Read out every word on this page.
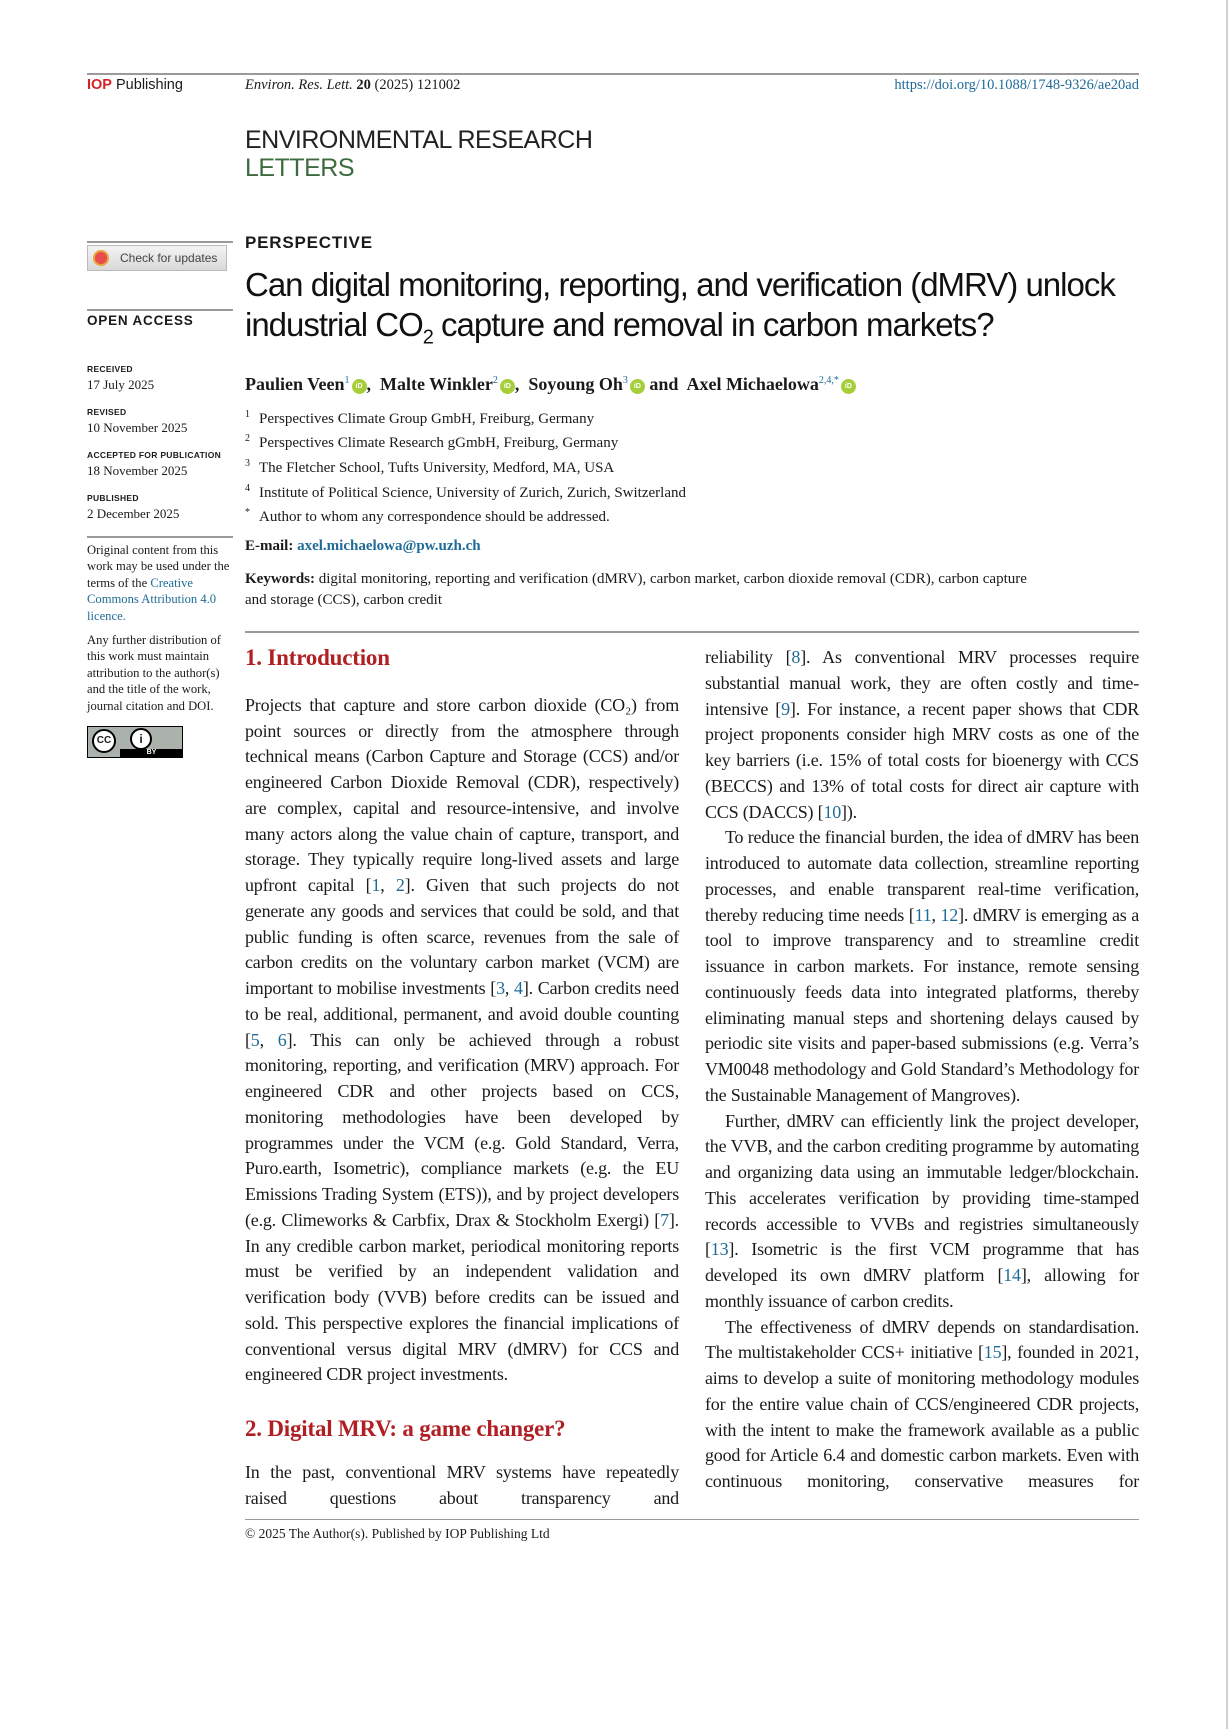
IOP Publishing	Environ. Res. Lett. 20 (2025) 121002	https://doi.org/10.1088/1748-9326/ae20ad
ENVIRONMENTAL RESEARCH
LETTERS
Check for updates
OPEN ACCESS
RECEIVED
17 July 2025
REVISED
10 November 2025
ACCEPTED FOR PUBLICATION
18 November 2025
PUBLISHED
2 December 2025
Original content from this work may be used under the terms of the Creative Commons Attribution 4.0 licence.
Any further distribution of this work must maintain attribution to the author(s) and the title of the work, journal citation and DOI.
CC	i
BY
PERSPECTIVE
Can digital monitoring, reporting, and verification (dMRV) unlock
industrial $CO_2$ capture and removal in carbon markets?
Paulien Veen$^1$iD ,  Malte Winkler$^2$iD ,  Soyoung Oh$^3$iD and  Axel Michaelowa$^{2,4,*}$iD
$^1$ Perspectives Climate Group GmbH, Freiburg, Germany
$^2$ Perspectives Climate Research gGmbH, Freiburg, Germany
$^3$ The Fletcher School, Tufts University, Medford, MA, USA
$^4$ Institute of Political Science, University of Zurich, Zurich, Switzerland
* Author to whom any correspondence should be addressed.
E-mail: axel.michaelowa@pw.uzh.ch
Keywords: digital monitoring, reporting and verification (dMRV), carbon market, carbon dioxide removal (CDR), carbon capture and storage (CCS), carbon credit
1. Introduction

Projects that capture and store carbon dioxide (CO₂) from point sources or directly from the atmosphere through technical means (Carbon Capture and Storage (CCS) and/or engineered Carbon Dioxide Removal (CDR), respectively) are complex, capital and resource-intensive, and involve many actors along the value chain of capture, transport, and storage. They typically require long-lived assets and large upfront capital [1, 2]. Given that such projects do not generate any goods and services that could be sold, and that public funding is often scarce, revenues from the sale of carbon credits on the voluntary carbon market (VCM) are important to mobilise investments [3, 4]. Carbon credits need to be real, additional, permanent, and avoid double counting [5, 6]. This can only be achieved through a robust monitoring, reporting, and verification (MRV) approach. For engineered CDR and other projects based on CCS, monitoring methodologies have been developed by programmes under the VCM (e.g. Gold Standard, Verra, Puro.earth, Isometric), compliance markets (e.g. the EU Emissions Trading System (ETS)), and by project developers (e.g. Climeworks & Carbfix, Drax & Stockholm Exergi) [7]. In any credible carbon market, periodical monitoring reports must be verified by an independent validation and verification body (VVB) before credits can be issued and sold. This perspective explores the financial implications of conventional versus digital MRV (dMRV) for CCS and engineered CDR project investments.

2. Digital MRV: a game changer?

In the past, conventional MRV systems have repeatedly raised questions about transparency and

reliability [8]. As conventional MRV processes require substantial manual work, they are often costly and time-intensive [9]. For instance, a recent paper shows that CDR project proponents consider high MRV costs as one of the key barriers (i.e. 15% of total costs for bioenergy with CCS (BECCS) and 13% of total costs for direct air capture with CCS (DACCS) [10]).

To reduce the financial burden, the idea of dMRV has been introduced to automate data collection, streamline reporting processes, and enable transparent real-time verification, thereby reducing time needs [11, 12]. dMRV is emerging as a tool to improve transparency and to streamline credit issuance in carbon markets. For instance, remote sensing continuously feeds data into integrated platforms, thereby eliminating manual steps and shortening delays caused by periodic site visits and paper-based submissions (e.g. Verra’s VM0048 methodology and Gold Standard’s Methodology for the Sustainable Management of Mangroves).

Further, dMRV can efficiently link the project developer, the VVB, and the carbon crediting programme by automating and organizing data using an immutable ledger/blockchain. This accelerates verification by providing time-stamped records accessible to VVBs and registries simultaneously [13]. Isometric is the first VCM programme that has developed its own dMRV platform [14], allowing for monthly issuance of carbon credits.

The effectiveness of dMRV depends on standardisation. The multistakeholder CCS+ initiative [15], founded in 2021, aims to develop a suite of monitoring methodology modules for the entire value chain of CCS/engineered CDR projects, with the intent to make the framework available as a public good for Article 6.4 and domestic carbon markets. Even with continuous monitoring, conservative measures for

© 2025 The Author(s). Published by IOP Publishing Ltd
